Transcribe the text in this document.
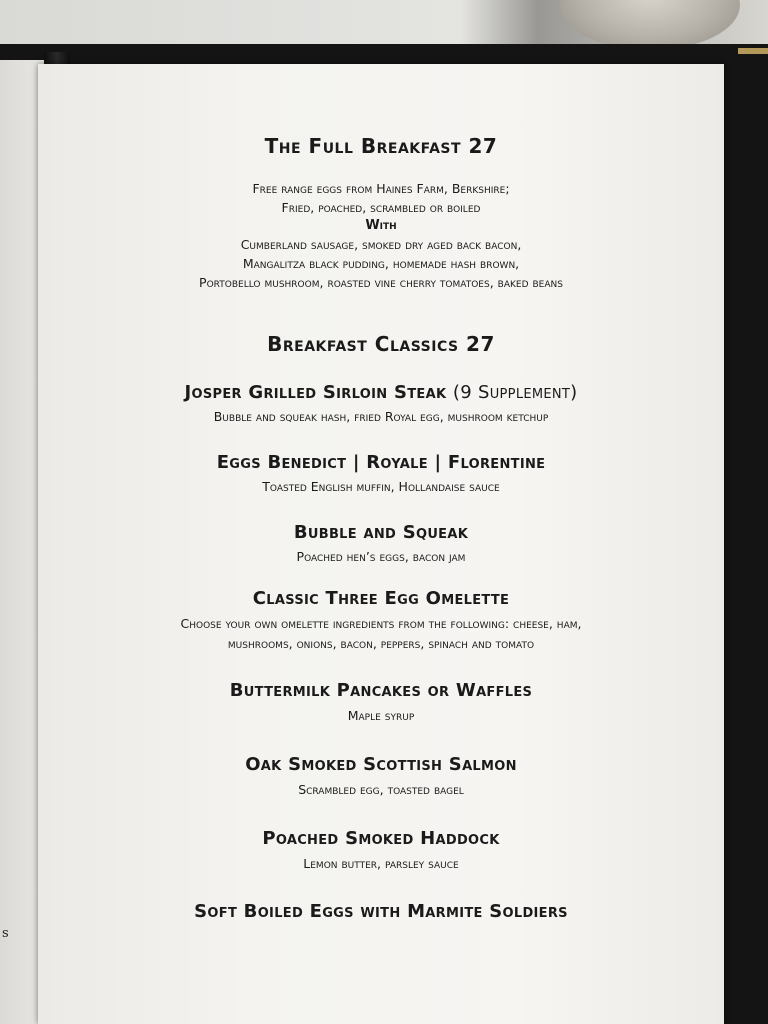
s
The Full Breakfast 27
Free range eggs from Haines Farm, Berkshire;
Fried, poached, scrambled or boiled
With
Cumberland sausage, smoked dry aged back bacon,
Mangalitza black pudding, homemade hash brown,
Portobello mushroom, roasted vine cherry tomatoes, baked beans
Breakfast Classics 27
Josper Grilled Sirloin Steak (9 Supplement)
Bubble and squeak hash, fried Royal egg, mushroom ketchup
Eggs Benedict | Royale | Florentine
Toasted English muffin, Hollandaise sauce
Bubble and Squeak
Poached hen’s eggs, bacon jam
Classic Three Egg Omelette
Choose your own omelette ingredients from the following: cheese, ham,
mushrooms, onions, bacon, peppers, spinach and tomato
Buttermilk Pancakes or Waffles
Maple syrup
Oak Smoked Scottish Salmon
Scrambled egg, toasted bagel
Poached Smoked Haddock
Lemon butter, parsley sauce
Soft Boiled Eggs with Marmite Soldiers
